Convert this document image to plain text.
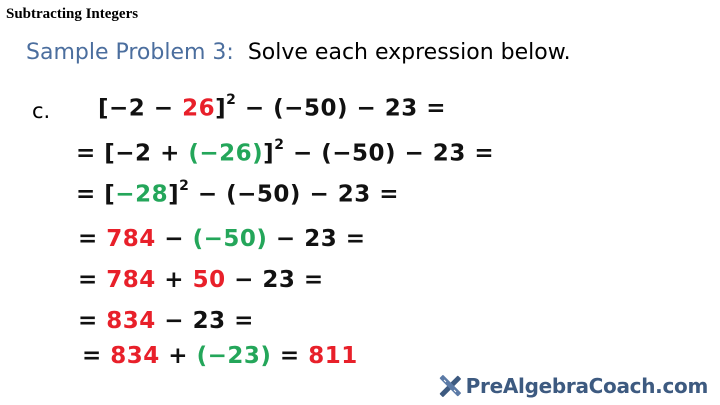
Subtracting Integers
Sample Problem 3: Solve each expression below.
c. $[-2 - 26]^2 - (-50) - 23$ =
= $[-2 + (-26)]^2 - (-50) - 23$ =
= $[-28]^2 - (-50) - 23$ =
= 784 − (−50) − 23 =
= 784 + 50 − 23 =
= 834 − 23 =
= 834 + (−23) = 811
PreAlgebraCoach.com
